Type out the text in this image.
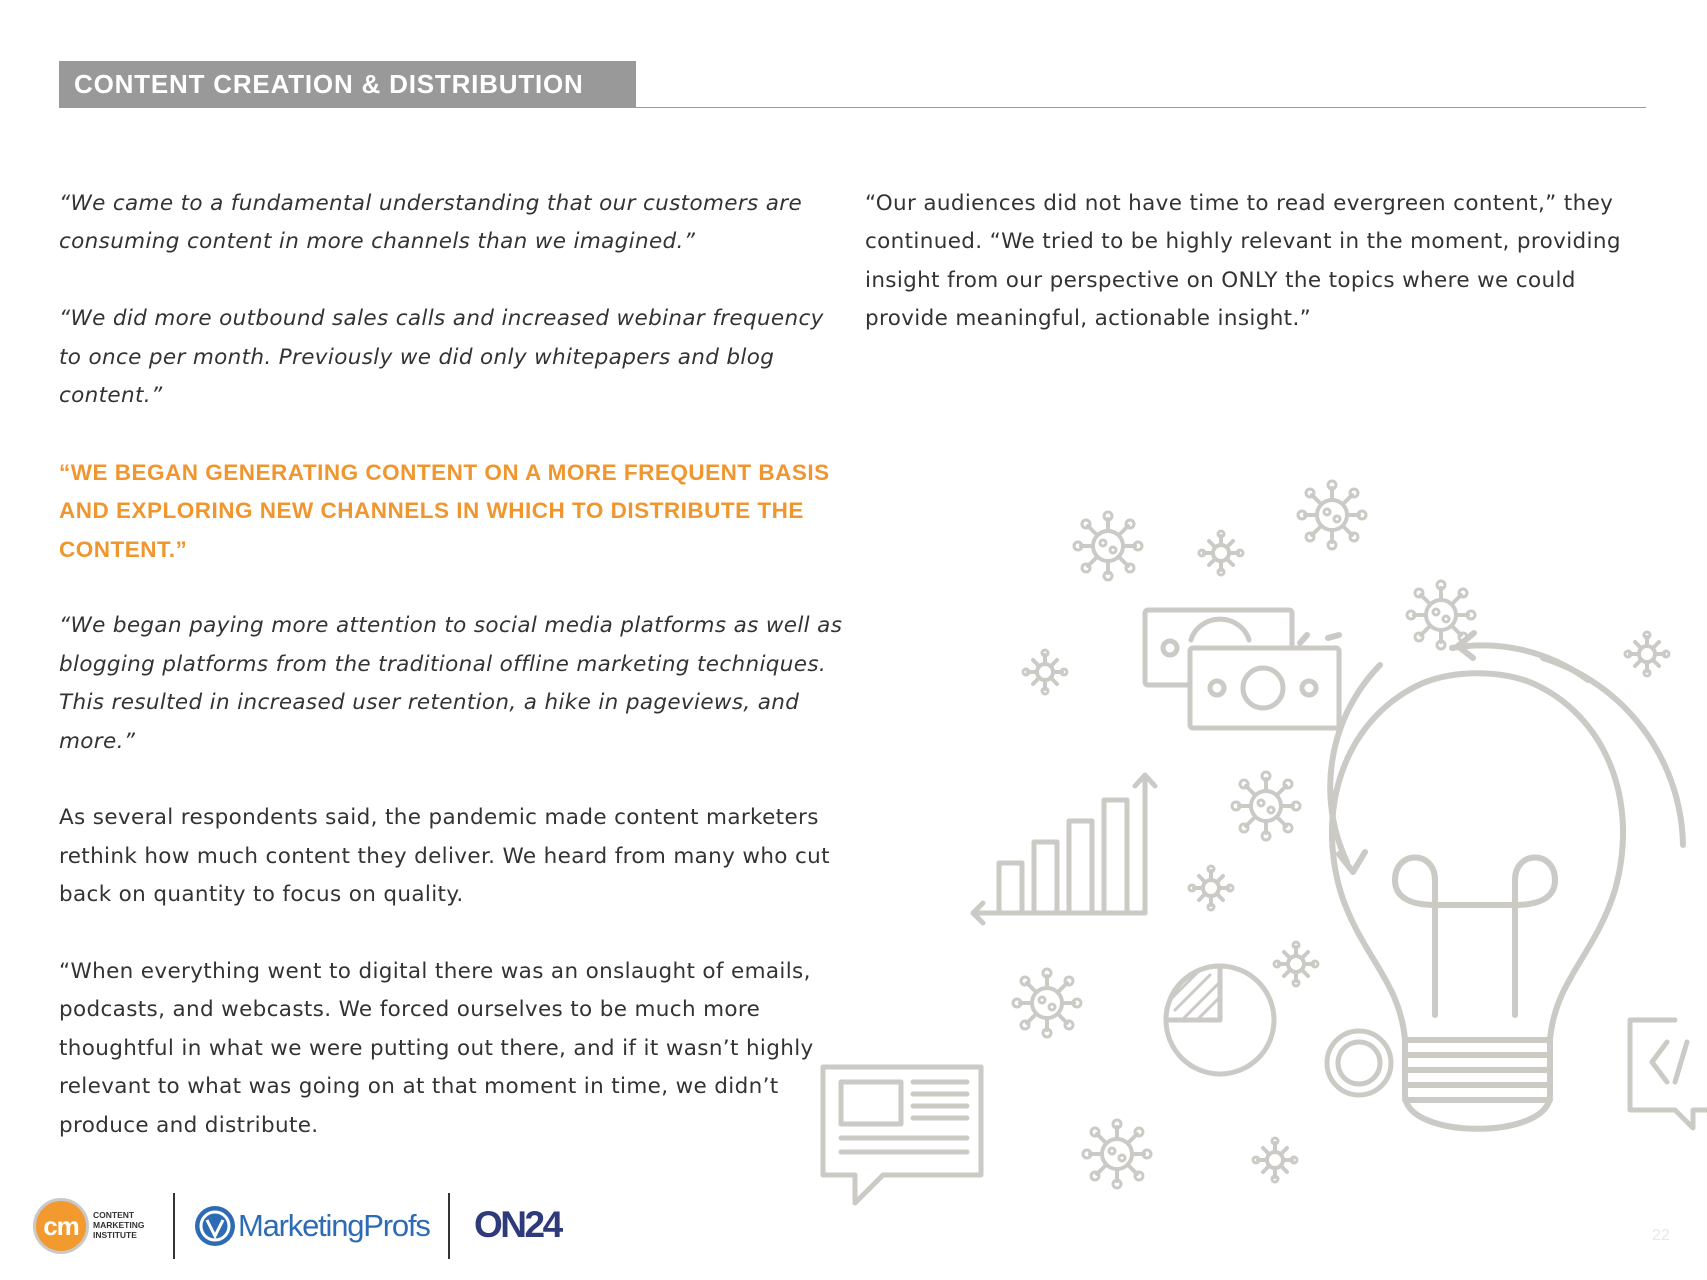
CONTENT CREATION & DISTRIBUTION

“We came to a fundamental understanding that our customers are consuming content in more channels than we imagined.”

“We did more outbound sales calls and increased webinar frequency to once per month. Previously we did only whitepapers and blog content.”

“WE BEGAN GENERATING CONTENT ON A MORE FREQUENT BASIS AND EXPLORING NEW CHANNELS IN WHICH TO DISTRIBUTE THE CONTENT.”

“We began paying more attention to social media platforms as well as blogging platforms from the traditional offline marketing techniques. This resulted in increased user retention, a hike in pageviews, and more.”

As several respondents said, the pandemic made content marketers rethink how much content they deliver. We heard from many who cut back on quantity to focus on quality.

“When everything went to digital there was an onslaught of emails, podcasts, and webcasts. We forced ourselves to be much more thoughtful in what we were putting out there, and if it wasn’t highly relevant to what was going on at that moment in time, we didn’t produce and distribute.

“Our audiences did not have time to read evergreen content,” they continued. “We tried to be highly relevant in the moment, providing insight from our perspective on ONLY the topics where we could provide meaningful, actionable insight.”

cm	CONTENT MARKETING INSTITUTE	MarketingProfs ON24	22
